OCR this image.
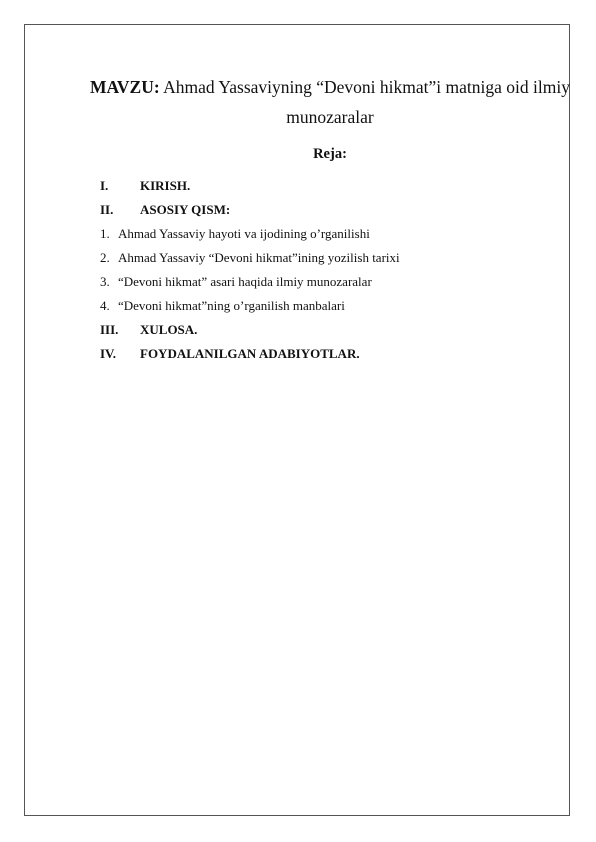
MAVZU: Ahmad Yassaviyning “Devoni hikmat”i matniga oid ilmiy munozaralar
Reja:
I.	KIRISH.
II.	ASOSIY QISM:
1. Ahmad Yassaviy hayoti va ijodining o’rganilishi
2. Ahmad Yassaviy “Devoni hikmat”ining yozilish tarixi
3. “Devoni hikmat” asari haqida ilmiy munozaralar
4. “Devoni hikmat”ning o’rganilish manbalari
III.	XULOSA.
IV.	FOYDALANILGAN ADABIYOTLAR.
